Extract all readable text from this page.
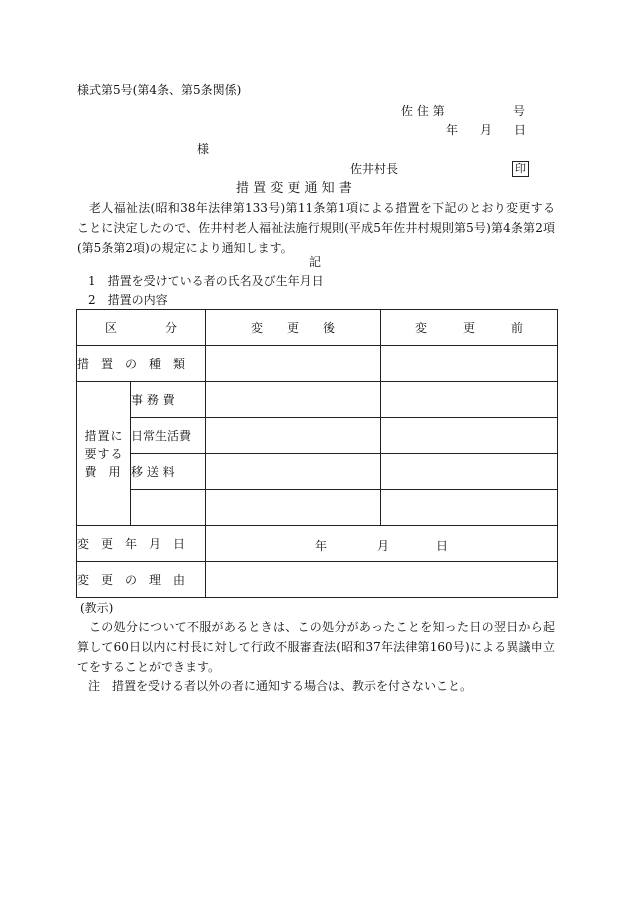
様式第5号(第4条、第5条関係)
佐 住 第	号
年 月 日
様
佐井村長	印
措 置 変 更 通 知 書
老人福祉法(昭和38年法律第133号)第11条第1項による措置を下記のとおり変更することに決定したので、佐井村老人福祉法施行規則(平成5年佐井村規則第5号)第4条第2項(第5条第2項)の規定により通知します。
記
1　措置を受けている者の氏名及び生年月日
2　措置の内容
区　　　　分		変　　更　　後	変　　　更　　　前
措　置　の　種　類			
措置に要する費　用	事 務 費		
	日常生活費		
	移 送 料		

変　更　年　月　日		年 月 日	

変　更　の　理　由			
(教示)
この処分について不服があるときは、この処分があったことを知った日の翌日から起算して60日以内に村長に対して行政不服審査法(昭和37年法律第160号)による異議申立てをすることができます。
注　措置を受ける者以外の者に通知する場合は、教示を付さないこと。
